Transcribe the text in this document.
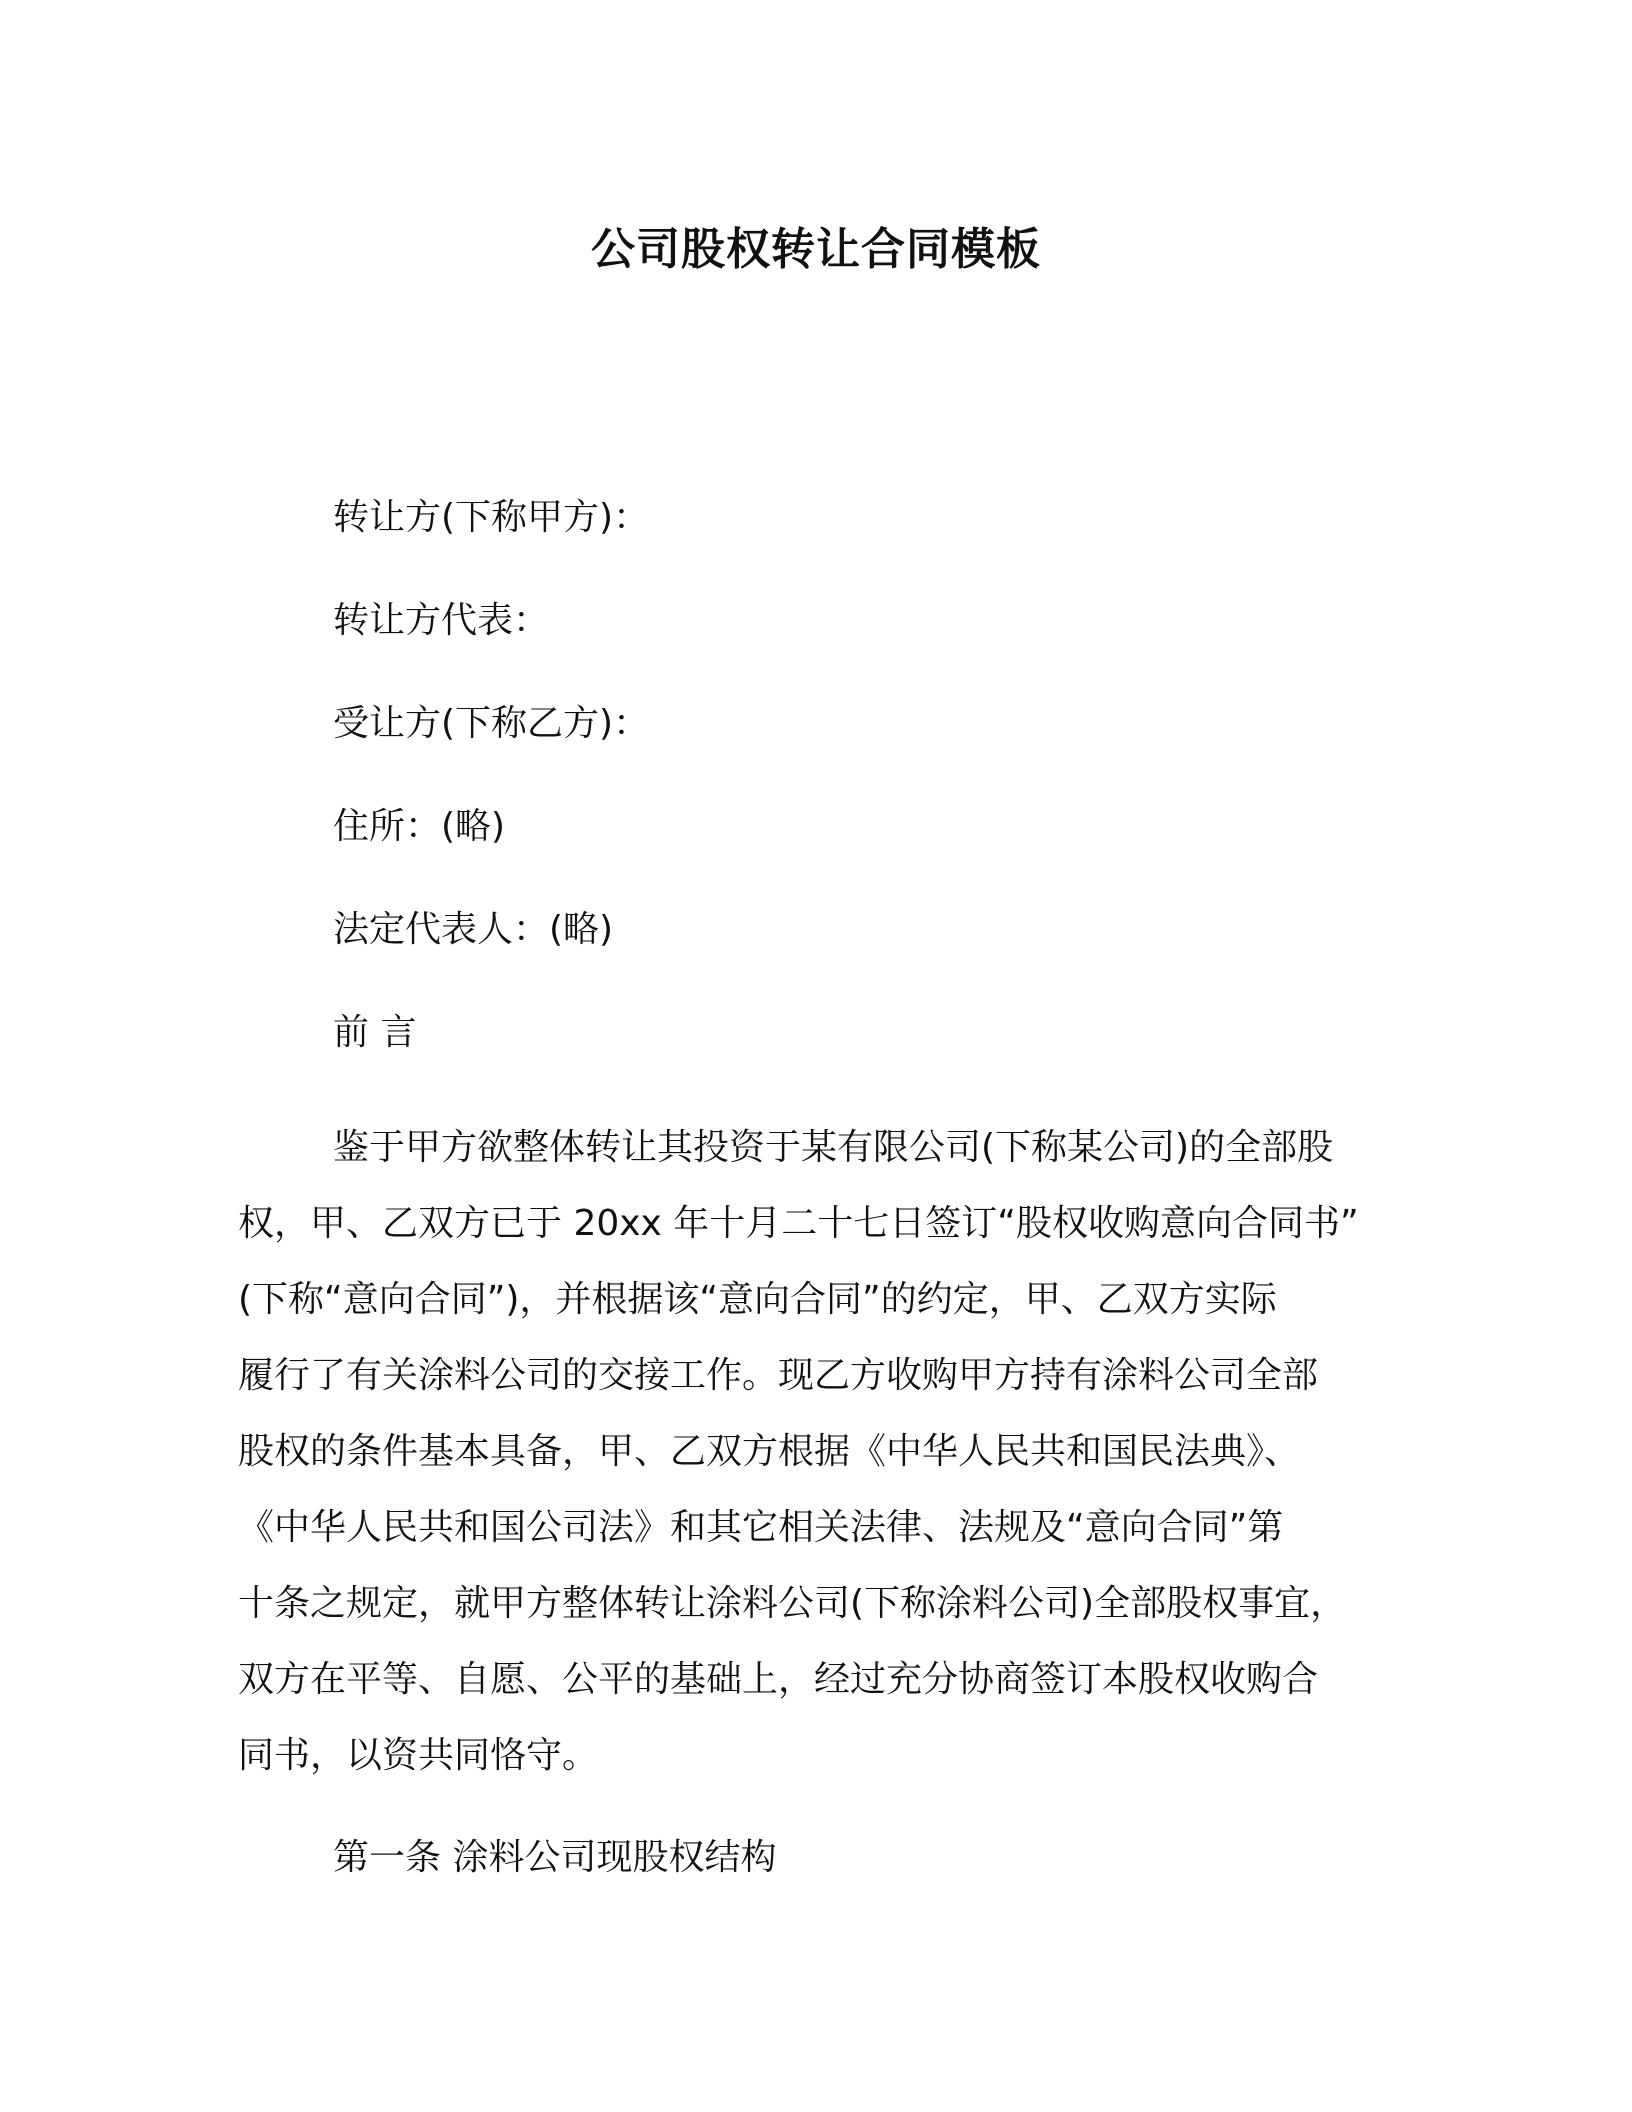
公司股权转让合同模板

转让方(下称甲方)：

转让方代表：

受让方(下称乙方)：

住所：(略)

法定代表人：(略)

前 言

鉴于甲方欲整体转让其投资于某有限公司(下称某公司)的全部股
权，甲、乙双方已于 20xx 年十月二十七日签订“股权收购意向合同书”
(下称“意向合同”)，并根据该“意向合同”的约定，甲、乙双方实际
履行了有关涂料公司的交接工作。现乙方收购甲方持有涂料公司全部
股权的条件基本具备，甲、乙双方根据《中华人民共和国民法典》、
《中华人民共和国公司法》和其它相关法律、法规及“意向合同”第
十条之规定，就甲方整体转让涂料公司(下称涂料公司)全部股权事宜，
双方在平等、自愿、公平的基础上，经过充分协商签订本股权收购合
同书，以资共同恪守。

第一条 涂料公司现股权结构
